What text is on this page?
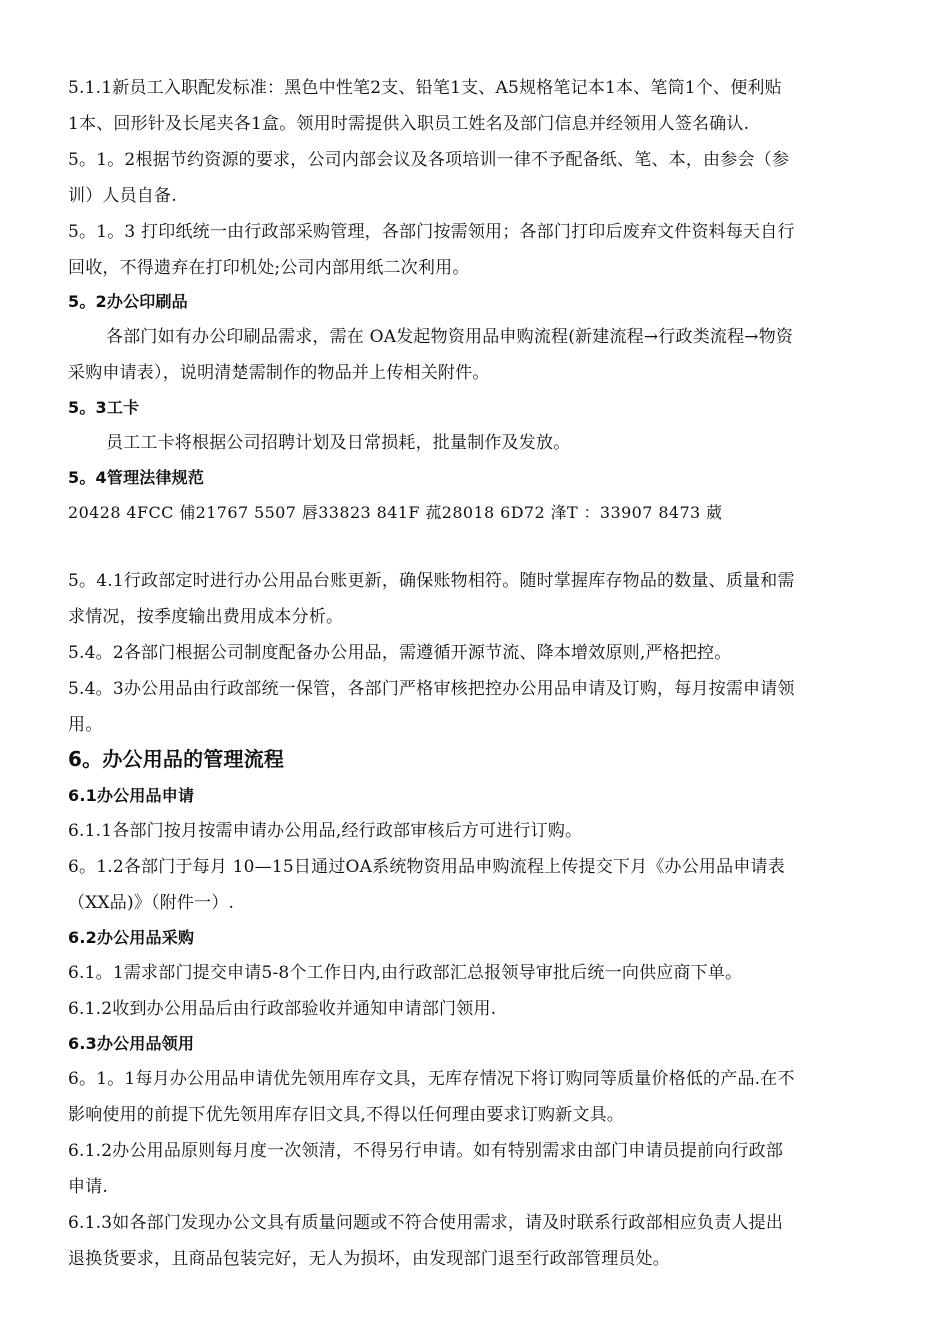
5.1.1新员工入职配发标准：黑色中性笔2支、铅笔1支、A5规格笔记本1本、笔筒1个、便利贴
1本、回形针及长尾夹各1盒。领用时需提供入职员工姓名及部门信息并经领用人签名确认.
5。1。2根据节约资源的要求，公司内部会议及各项培训一律不予配备纸、笔、本，由参会（参
训）人员自备.
5。1。3 打印纸统一由行政部采购管理，各部门按需领用；各部门打印后废弃文件资料每天自行
回收，不得遗弃在打印机处;公司内部用纸二次利用。
5。2办公印刷品
各部门如有办公印刷品需求，需在 OA发起物资用品申购流程(新建流程→行政类流程→物资
采购申请表），说明清楚需制作的物品并上传相关附件。
5。3工卡
员工工卡将根据公司招聘计划及日常损耗，批量制作及发放。
5。4管理法律规范
20428 4FCC 俌21767 5507 唇33823 841F 菰28018 6D72 浲T ：33907 8473 葳
5。4.1行政部定时进行办公用品台账更新，确保账物相符。随时掌握库存物品的数量、质量和需
求情况，按季度输出费用成本分析。
5.4。2各部门根据公司制度配备办公用品，需遵循开源节流、降本增效原则,严格把控。
5.4。3办公用品由行政部统一保管，各部门严格审核把控办公用品申请及订购，每月按需申请领
用。
6。办公用品的管理流程
6.1办公用品申请
6.1.1各部门按月按需申请办公用品,经行政部审核后方可进行订购。
6。1.2各部门于每月 10—15日通过OA系统物资用品申购流程上传提交下月《办公用品申请表
（XX品)》（附件一）.
6.2办公用品采购
6.1。1需求部门提交申请5-8个工作日内,由行政部汇总报领导审批后统一向供应商下单。
6.1.2收到办公用品后由行政部验收并通知申请部门领用.
6.3办公用品领用
6。1。1每月办公用品申请优先领用库存文具，无库存情况下将订购同等质量价格低的产品.在不
影响使用的前提下优先领用库存旧文具,不得以任何理由要求订购新文具。
6.1.2办公用品原则每月度一次领清，不得另行申请。如有特别需求由部门申请员提前向行政部
申请.
6.1.3如各部门发现办公文具有质量问题或不符合使用需求，请及时联系行政部相应负责人提出
退换货要求，且商品包装完好，无人为损坏，由发现部门退至行政部管理员处。
